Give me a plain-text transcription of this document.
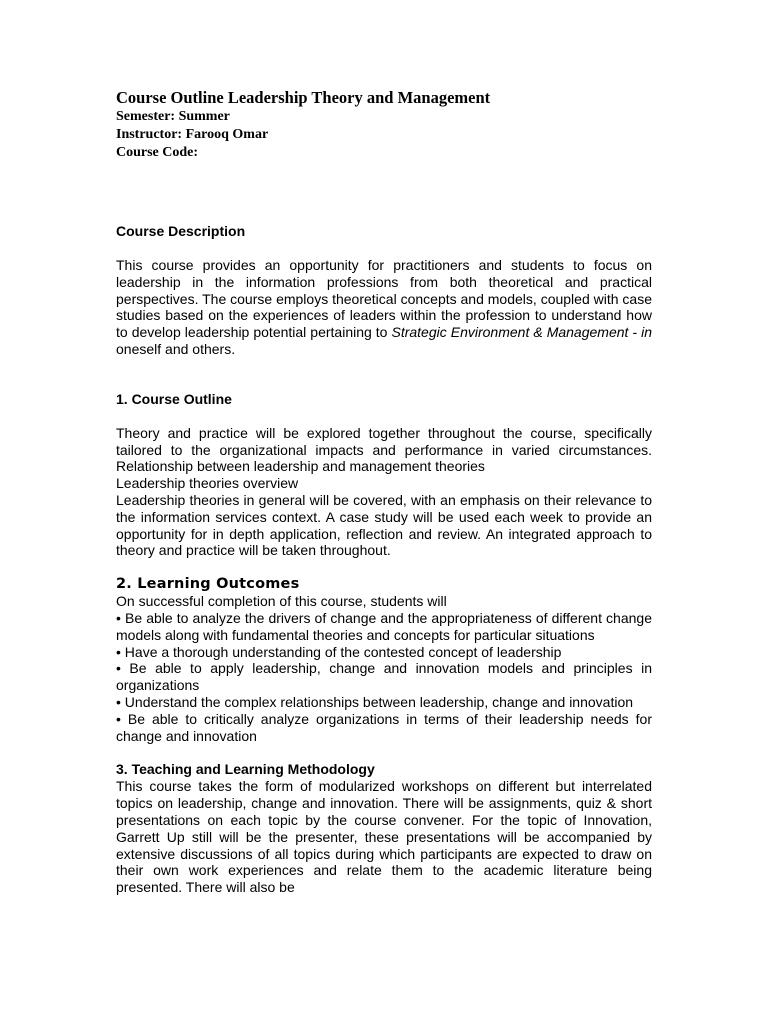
Course Outline Leadership Theory and Management
Semester: Summer
Instructor: Farooq Omar
Course Code:
Course Description

This course provides an opportunity for practitioners and students to focus on leadership in the information professions from both theoretical and practical perspectives. The course employs theoretical concepts and models, coupled with case studies based on the experiences of leaders within the profession to understand how to develop leadership potential pertaining to Strategic Environment & Management - in oneself and others.

1. Course Outline

Theory and practice will be explored together throughout the course, specifically tailored to the organizational impacts and performance in varied circumstances. Relationship between leadership and management theories
Leadership theories overview
Leadership theories in general will be covered, with an emphasis on their relevance to the information services context. A case study will be used each week to provide an opportunity for in depth application, reflection and review. An integrated approach to theory and practice will be taken throughout.

2. Learning Outcomes

On successful completion of this course, students will
• Be able to analyze the drivers of change and the appropriateness of different change models along with fundamental theories and concepts for particular situations
• Have a thorough understanding of the contested concept of leadership
• Be able to apply leadership, change and innovation models and principles in organizations
• Understand the complex relationships between leadership, change and innovation
• Be able to critically analyze organizations in terms of their leadership needs for change and innovation

3. Teaching and Learning Methodology

This course takes the form of modularized workshops on different but interrelated topics on leadership, change and innovation. There will be assignments, quiz & short presentations on each topic by the course convener. For the topic of Innovation, Garrett Up still will be the presenter, these presentations will be accompanied by extensive discussions of all topics during which participants are expected to draw on their own work experiences and relate them to the academic literature being presented. There will also be
